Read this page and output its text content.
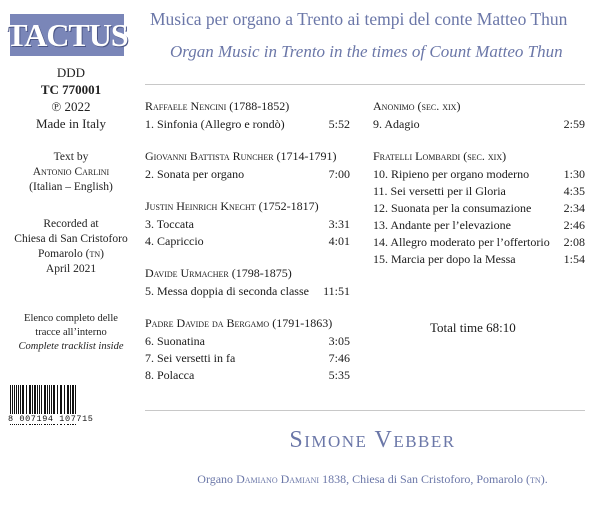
TACTUS
DDD
TC 770001
℗ 2022
Made in Italy
Text by
Antonio Carlini
(Italian – English)
Recorded at
Chiesa di San Cristoforo
Pomarolo (tn)
April 2021
Elenco completo delle
tracce all’interno
Complete tracklist inside
8 007194 107715
Musica per organo a Trento ai tempi del conte Matteo Thun
Organ Music in Trento in the times of Count Matteo Thun
Raffaele Nencini (1788-1852)
1. Sinfonia (Allegro e rondò)	5:52
Giovanni Battista Runcher (1714-1791)
2. Sonata per organo	7:00
Justin Heinrich Knecht (1752-1817)
3. Toccata	3:31
4. Capriccio	4:01
Davide Urmacher (1798-1875)
5. Messa doppia di seconda classe 11:51
Padre Davide da Bergamo (1791-1863)
6. Suonatina	3:05
7. Sei versetti in fa	7:46
8. Polacca	5:35
Anonimo (sec. xix)
9. Adagio	2:59
Fratelli Lombardi (sec. xix)
10. Ripieno per organo moderno	1:30
11. Sei versetti per il Gloria	4:35
12. Suonata per la consumazione	2:34
13. Andante per l’elevazione	2:46
14. Allegro moderato per l’offertorio 2:08
15. Marcia per dopo la Messa	1:54
Total time 68:10
Simone Vebber
Organo Damiano Damiani 1838, Chiesa di San Cristoforo, Pomarolo (tn).
